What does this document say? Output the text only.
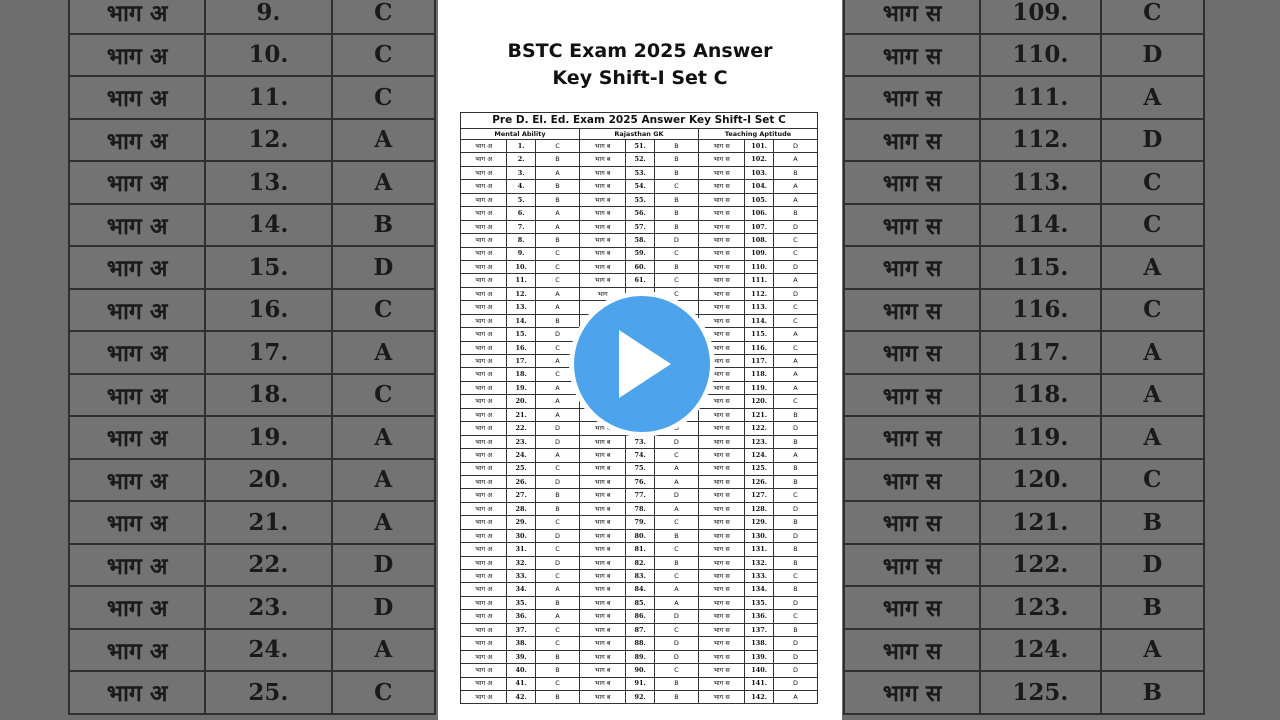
भाग अ	9.	C
भाग अ	10.	C
भाग अ	11.	C
भाग अ	12.	A
भाग अ	13.	A
भाग अ	14.	B
भाग अ	15.	D
भाग अ	16.	C
भाग अ	17.	A
भाग अ	18.	C
भाग अ	19.	A
भाग अ	20.	A
भाग अ	21.	A
भाग अ	22.	D
भाग अ	23.	D
भाग अ	24.	A
भाग अ	25.	C
भाग स	109.	C
भाग स	110.	D
भाग स	111.	A
भाग स	112.	D
भाग स	113.	C
भाग स	114.	C
भाग स	115.	A
भाग स	116.	C
भाग स	117.	A
भाग स	118.	A
भाग स	119.	A
भाग स	120.	C
भाग स	121.	B
भाग स	122.	D
भाग स	123.	B
भाग स	124.	A
भाग स	125.	B
BSTC Exam 2025 Answer
Key Shift-I Set C
Pre D. El. Ed. Exam 2025 Answer Key Shift-I Set C								
Mental Ability			Rajasthan GK			Teaching Aptitude		
भाग अ	1.	C	भाग ब	51.	B	भाग स	101.	D
भाग अ	2.	B	भाग ब	52.	B	भाग स	102.	A
भाग अ	3.	A	भाग ब	53.	B	भाग स	103.	B
भाग अ	4.	B	भाग ब	54.	C	भाग स	104.	A
भाग अ	5.	B	भाग ब	55.	B	भाग स	105.	A
भाग अ	6.	A	भाग ब	56.	B	भाग स	106.	B
भाग अ	7.	A	भाग ब	57.	B	भाग स	107.	D
भाग अ	8.	B	भाग ब	58.	D	भाग स	108.	C
भाग अ	9.	C	भाग ब	59.	C	भाग स	109.	C
भाग अ	10.	C	भाग ब	60.	B	भाग स	110.	D
भाग अ	11.	C	भाग ब	61.	C	भाग स	111.	A
भाग अ	12.	A	भाग		C	भाग स	112.	D
भाग अ	13.	A				भाग स	113.	C
भाग अ	14.	B				भाग स	114.	C
भाग अ	15.	D				भाग स	115.	A
भाग अ	16.	C				भाग स	116.	C
भाग अ	17.	A				भाग स	117.	A
भाग अ	18.	C				भाग स	118.	A
भाग अ	19.	A				भाग स	119.	A
भाग अ	20.	A				भाग स	120.	C
भाग अ	21.	A				भाग स	121.	B
भाग अ	22.	D	भाग ब		D	भाग स	122.	D
भाग अ	23.	D	भाग ब	73.	D	भाग स	123.	B
भाग अ	24.	A	भाग ब	74.	C	भाग स	124.	A
भाग अ	25.	C	भाग ब	75.	A	भाग स	125.	B
भाग अ	26.	D	भाग ब	76.	A	भाग स	126.	B
भाग अ	27.	B	भाग ब	77.	D	भाग स	127.	C
भाग अ	28.	B	भाग ब	78.	A	भाग स	128.	D
भाग अ	29.	C	भाग ब	79.	C	भाग स	129.	B
भाग अ	30.	D	भाग ब	80.	B	भाग स	130.	D
भाग अ	31.	C	भाग ब	81.	C	भाग स	131.	B
भाग अ	32.	D	भाग ब	82.	B	भाग स	132.	B
भाग अ	33.	C	भाग ब	83.	C	भाग स	133.	C
भाग अ	34.	A	भाग ब	84.	A	भाग स	134.	B
भाग अ	35.	B	भाग ब	85.	A	भाग स	135.	D
भाग अ	36.	A	भाग ब	86.	D	भाग स	136.	C
भाग अ	37.	C	भाग ब	87.	C	भाग स	137.	B
भाग अ	38.	C	भाग ब	88.	D	भाग स	138.	D
भाग अ	39.	B	भाग ब	89.	D	भाग स	139.	D
भाग अ	40.	B	भाग ब	90.	C	भाग स	140.	D
भाग अ	41.	C	भाग ब	91.	B	भाग स	141.	D
भाग अ	42.	B	भाग ब	92.	B	भाग स	142.	A
